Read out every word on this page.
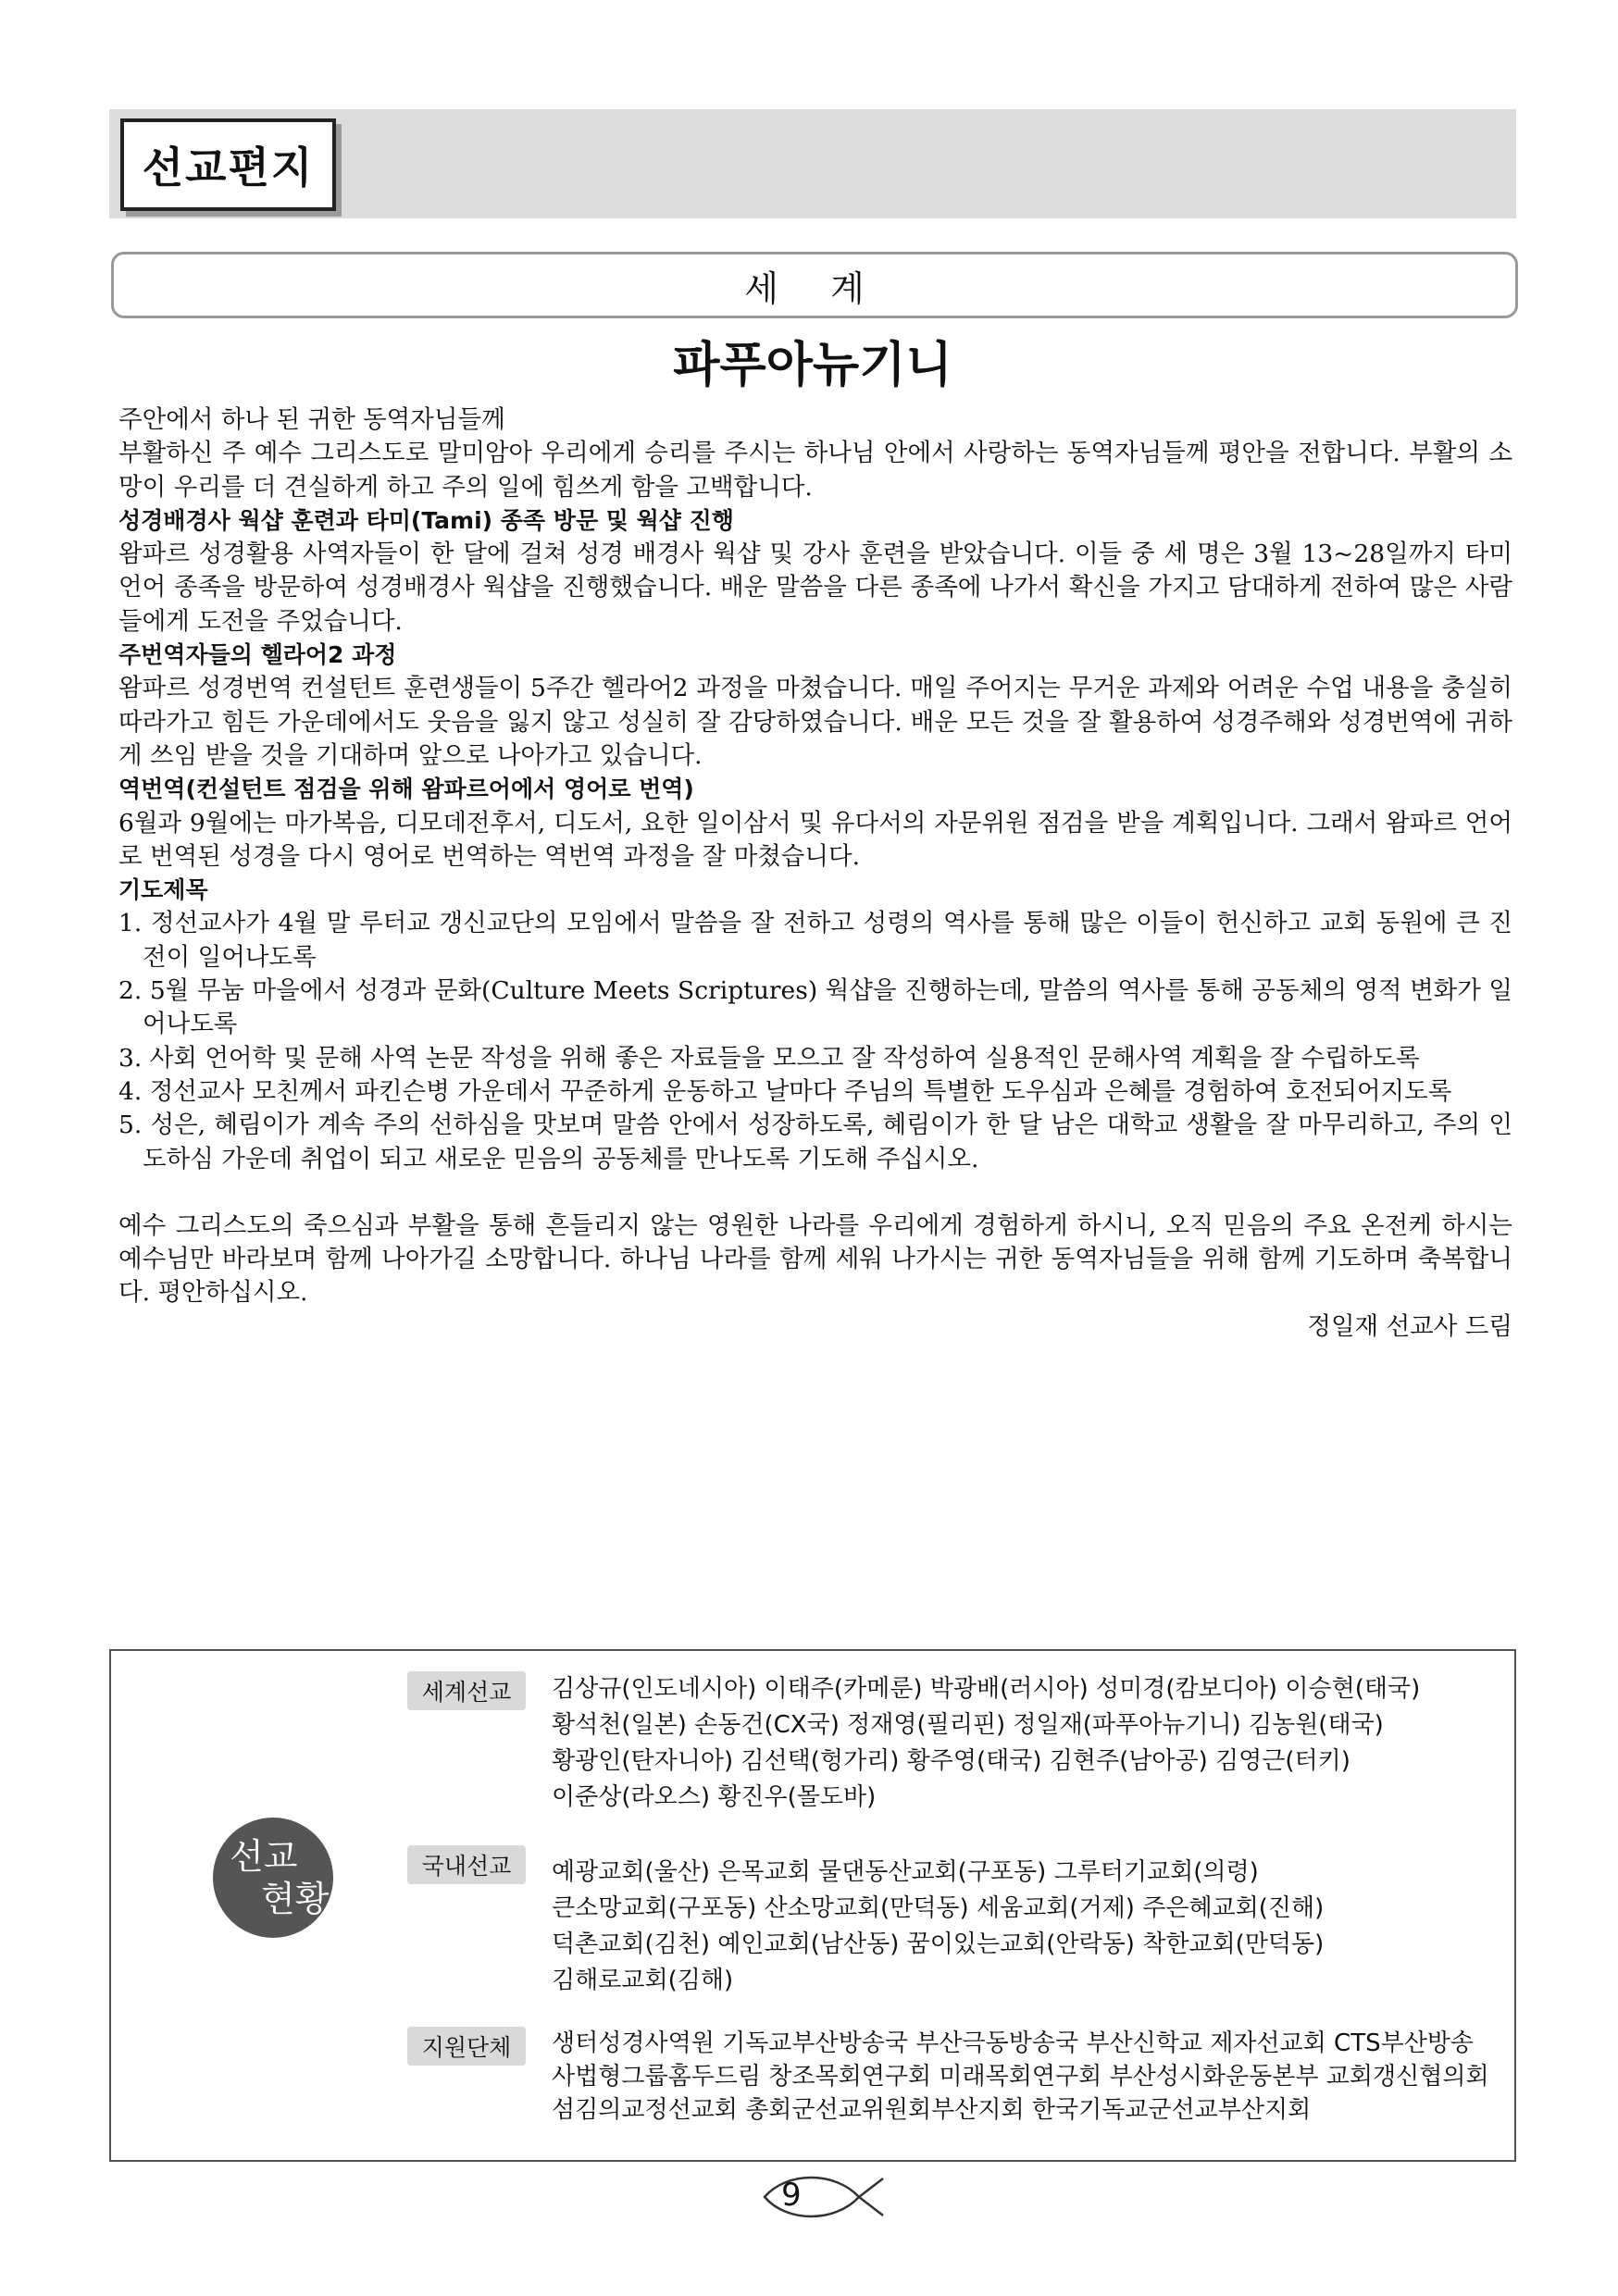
선교편지
세 계
파푸아뉴기니

주안에서 하나 된 귀한 동역자님들께

부활하신 주 예수 그리스도로 말미암아 우리에게 승리를 주시는 하나님 안에서 사랑하는 동역자님들께 평안을 전합니다. 부활의 소망이 우리를 더 견실하게 하고 주의 일에 힘쓰게 함을 고백합니다.

성경배경사 웍샵 훈련과 타미(Tami) 종족 방문 및 웍샵 진행

왐파르 성경활용 사역자들이 한 달에 걸쳐 성경 배경사 웍샵 및 강사 훈련을 받았습니다. 이들 중 세 명은 3월 13~28일까지 타미 언어 종족을 방문하여 성경배경사 웍샵을 진행했습니다. 배운 말씀을 다른 종족에 나가서 확신을 가지고 담대하게 전하여 많은 사람들에게 도전을 주었습니다.

주번역자들의 헬라어2 과정

왐파르 성경번역 컨설턴트 훈련생들이 5주간 헬라어2 과정을 마쳤습니다. 매일 주어지는 무거운 과제와 어려운 수업 내용을 충실히 따라가고 힘든 가운데에서도 웃음을 잃지 않고 성실히 잘 감당하였습니다. 배운 모든 것을 잘 활용하여 성경주해와 성경번역에 귀하게 쓰임 받을 것을 기대하며 앞으로 나아가고 있습니다.

역번역(컨설턴트 점검을 위해 왐파르어에서 영어로 번역)

6월과 9월에는 마가복음, 디모데전후서, 디도서, 요한 일이삼서 및 유다서의 자문위원 점검을 받을 계획입니다. 그래서 왐파르 언어로 번역된 성경을 다시 영어로 번역하는 역번역 과정을 잘 마쳤습니다.

기도제목

1. 정선교사가 4월 말 루터교 갱신교단의 모임에서 말씀을 잘 전하고 성령의 역사를 통해 많은 이들이 헌신하고 교회 동원에 큰 진전이 일어나도록
2. 5월 무눔 마을에서 성경과 문화(Culture Meets Scriptures) 웍샵을 진행하는데, 말씀의 역사를 통해 공동체의 영적 변화가 일어나도록
3. 사회 언어학 및 문해 사역 논문 작성을 위해 좋은 자료들을 모으고 잘 작성하여 실용적인 문해사역 계획을 잘 수립하도록
4. 정선교사 모친께서 파킨슨병 가운데서 꾸준하게 운동하고 날마다 주님의 특별한 도우심과 은혜를 경험하여 호전되어지도록
5. 성은, 혜림이가 계속 주의 선하심을 맛보며 말씀 안에서 성장하도록, 혜림이가 한 달 남은 대학교 생활을 잘 마무리하고, 주의 인도하심 가운데 취업이 되고 새로운 믿음의 공동체를 만나도록 기도해 주십시오.

예수 그리스도의 죽으심과 부활을 통해 흔들리지 않는 영원한 나라를 우리에게 경험하게 하시니, 오직 믿음의 주요 온전케 하시는 예수님만 바라보며 함께 나아가길 소망합니다. 하나님 나라를 함께 세워 나가시는 귀한 동역자님들을 위해 함께 기도하며 축복합니다. 평안하십시오.

정일재 선교사 드림

선교
현황
세계선교	김상규(인도네시아) 이태주(카메룬) 박광배(러시아) 성미경(캄보디아) 이승현(태국)
황석천(일본) 손동건(CX국) 정재영(필리핀) 정일재(파푸아뉴기니) 김농원(태국)
황광인(탄자니아) 김선택(헝가리) 황주영(태국) 김현주(남아공) 김영근(터키)
이준상(라오스) 황진우(몰도바)
국내선교	예광교회(울산) 은목교회 물댄동산교회(구포동) 그루터기교회(의령)
큰소망교회(구포동) 산소망교회(만덕동) 세움교회(거제) 주은혜교회(진해)
덕촌교회(김천) 예인교회(남산동) 꿈이있는교회(안락동) 착한교회(만덕동)
김해로교회(김해)
지원단체	생터성경사역원 기독교부산방송국 부산극동방송국 부산신학교 제자선교회 CTS부산방송
사법형그룹홈두드림 창조목회연구회 미래목회연구회 부산성시화운동본부 교회갱신협의회
섬김의교정선교회 총회군선교위원회부산지회 한국기독교군선교부산지회
9
